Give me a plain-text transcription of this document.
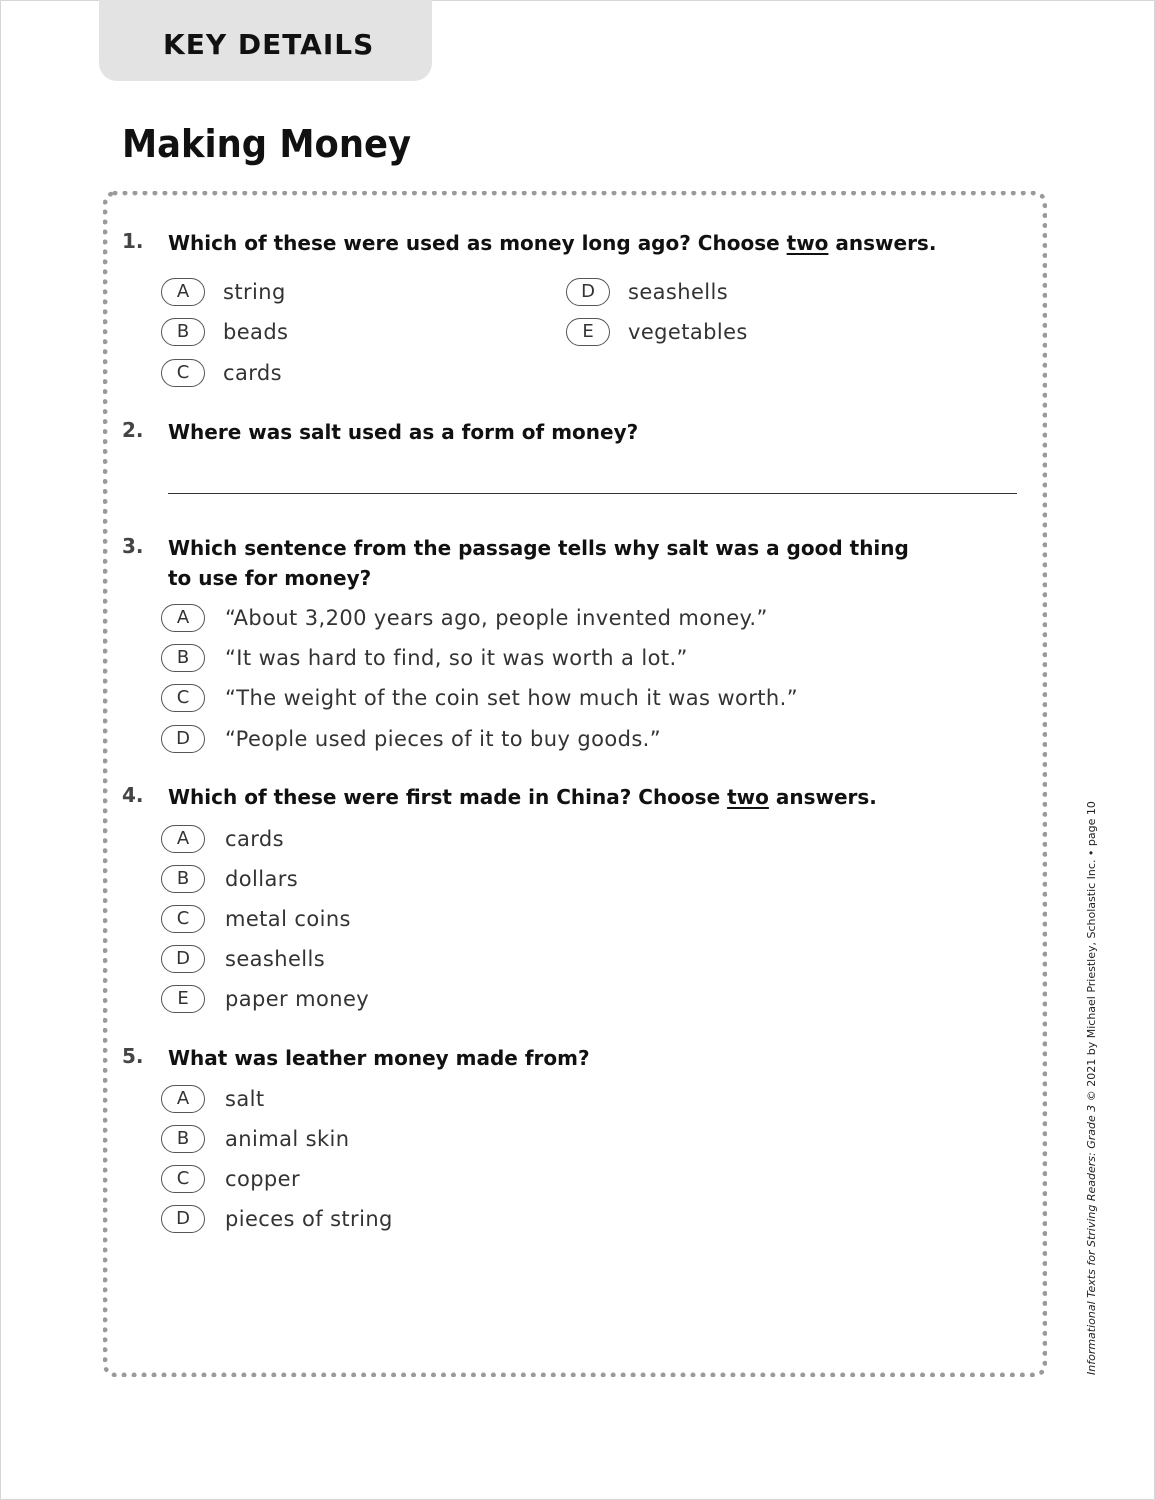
KEY DETAILS
Making Money
1. Which of these were used as money long ago? Choose two answers.
A	string
B	beads
C	cards
D	seashells
E	vegetables
2. Where was salt used as a form of money?
3. Which sentence from the passage tells why salt was a good thing to use for money?
A	“About 3,200 years ago, people invented money.”
B	“It was hard to find, so it was worth a lot.”
C	“The weight of the coin set how much it was worth.”
D	“People used pieces of it to buy goods.”
4. Which of these were first made in China? Choose two answers.
A	cards
B	dollars
C	metal coins
D	seashells
E	paper money
5. What was leather money made from?
A	salt
B	animal skin
C	copper
D	pieces of string	Informational Texts for Striving Readers: Grade 3 © 2021 by Michael Priestley, Scholastic Inc. • page 10
